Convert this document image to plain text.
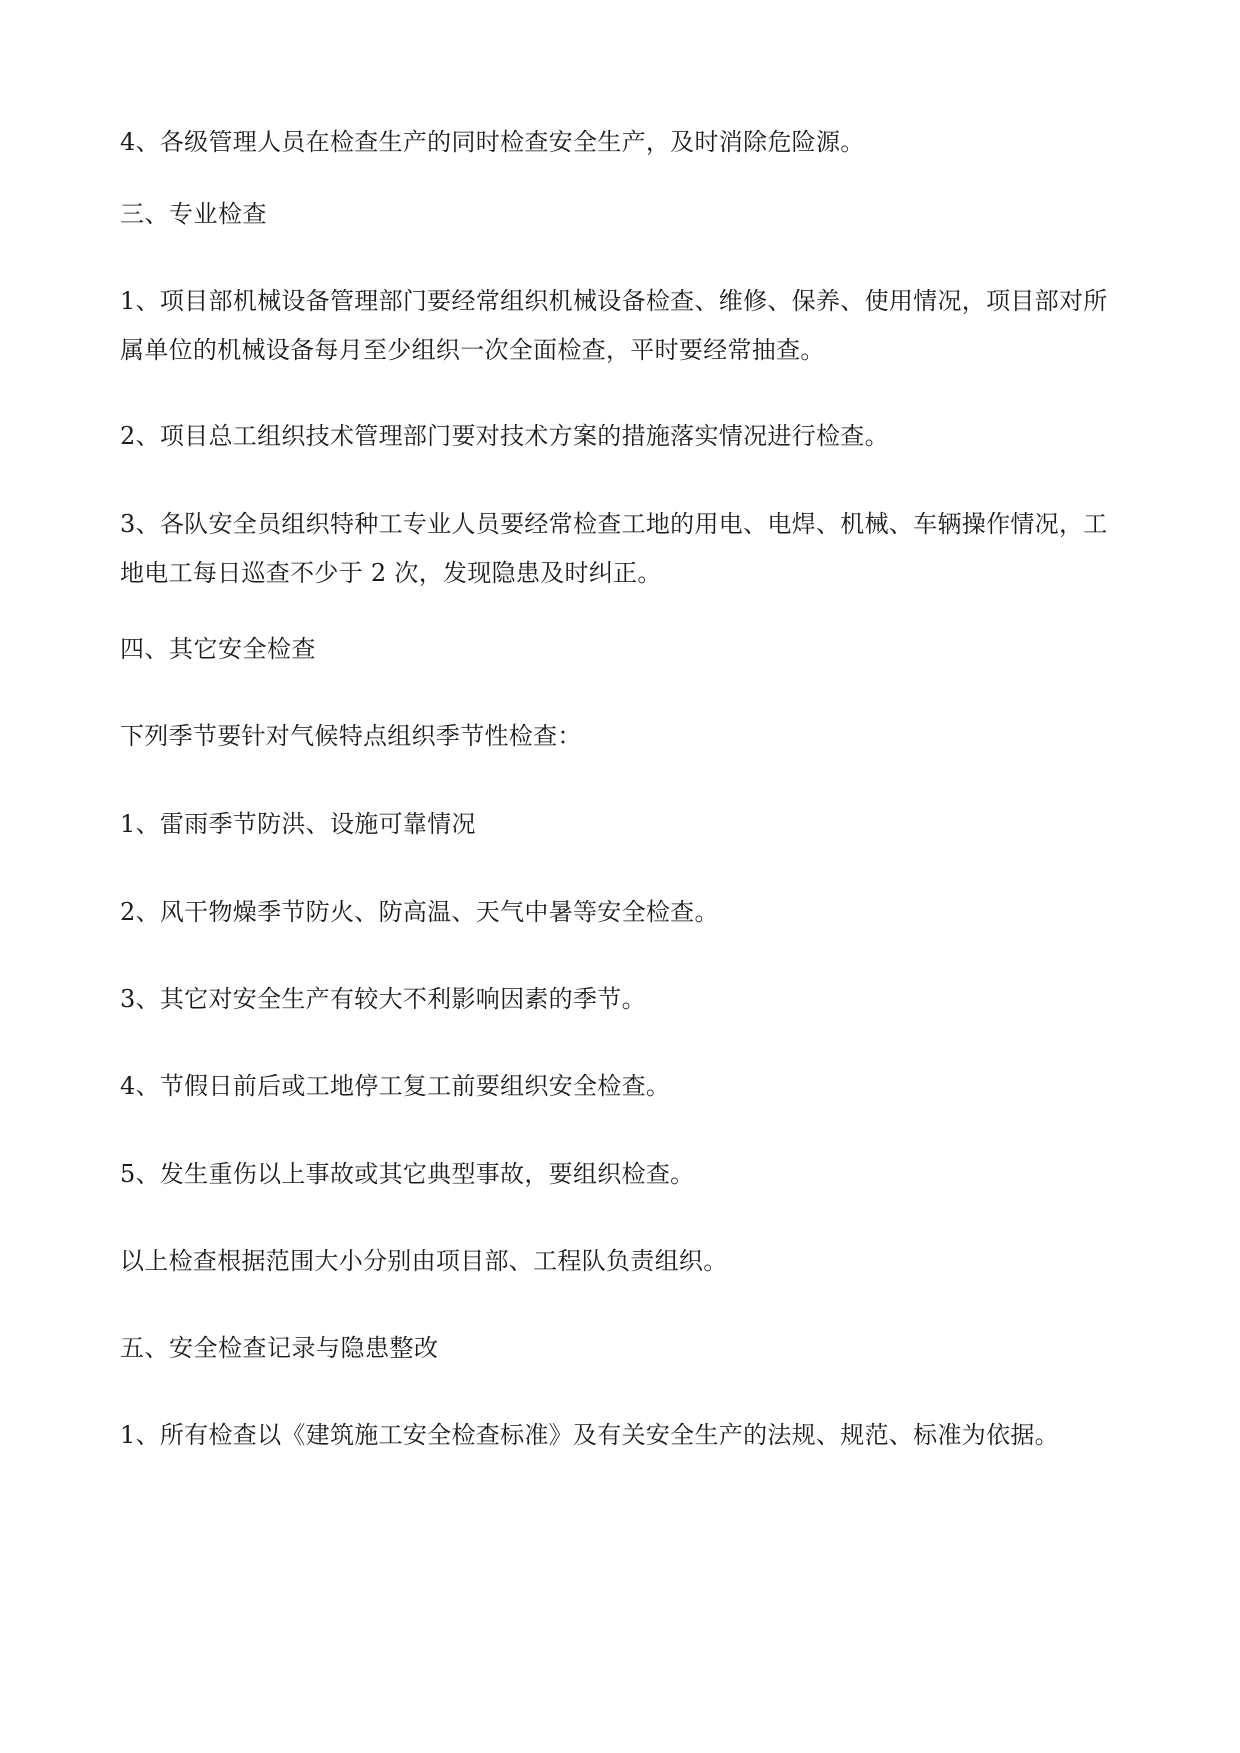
4、各级管理人员在检查生产的同时检查安全生产，及时消除危险源。

三、专业检查

1、项目部机械设备管理部门要经常组织机械设备检查、维修、保养、使用情况，项目部对所属单位的机械设备每月至少组织一次全面检查，平时要经常抽查。

2、项目总工组织技术管理部门要对技术方案的措施落实情况进行检查。

3、各队安全员组织特种工专业人员要经常检查工地的用电、电焊、机械、车辆操作情况，工地电工每日巡查不少于 2 次，发现隐患及时纠正。

四、其它安全检查

下列季节要针对气候特点组织季节性检查：

1、雷雨季节防洪、设施可靠情况

2、风干物燥季节防火、防高温、天气中暑等安全检查。

3、其它对安全生产有较大不利影响因素的季节。

4、节假日前后或工地停工复工前要组织安全检查。

5、发生重伤以上事故或其它典型事故，要组织检查。

以上检查根据范围大小分别由项目部、工程队负责组织。

五、安全检查记录与隐患整改

1、所有检查以《建筑施工安全检查标准》及有关安全生产的法规、规范、标准为依据。
